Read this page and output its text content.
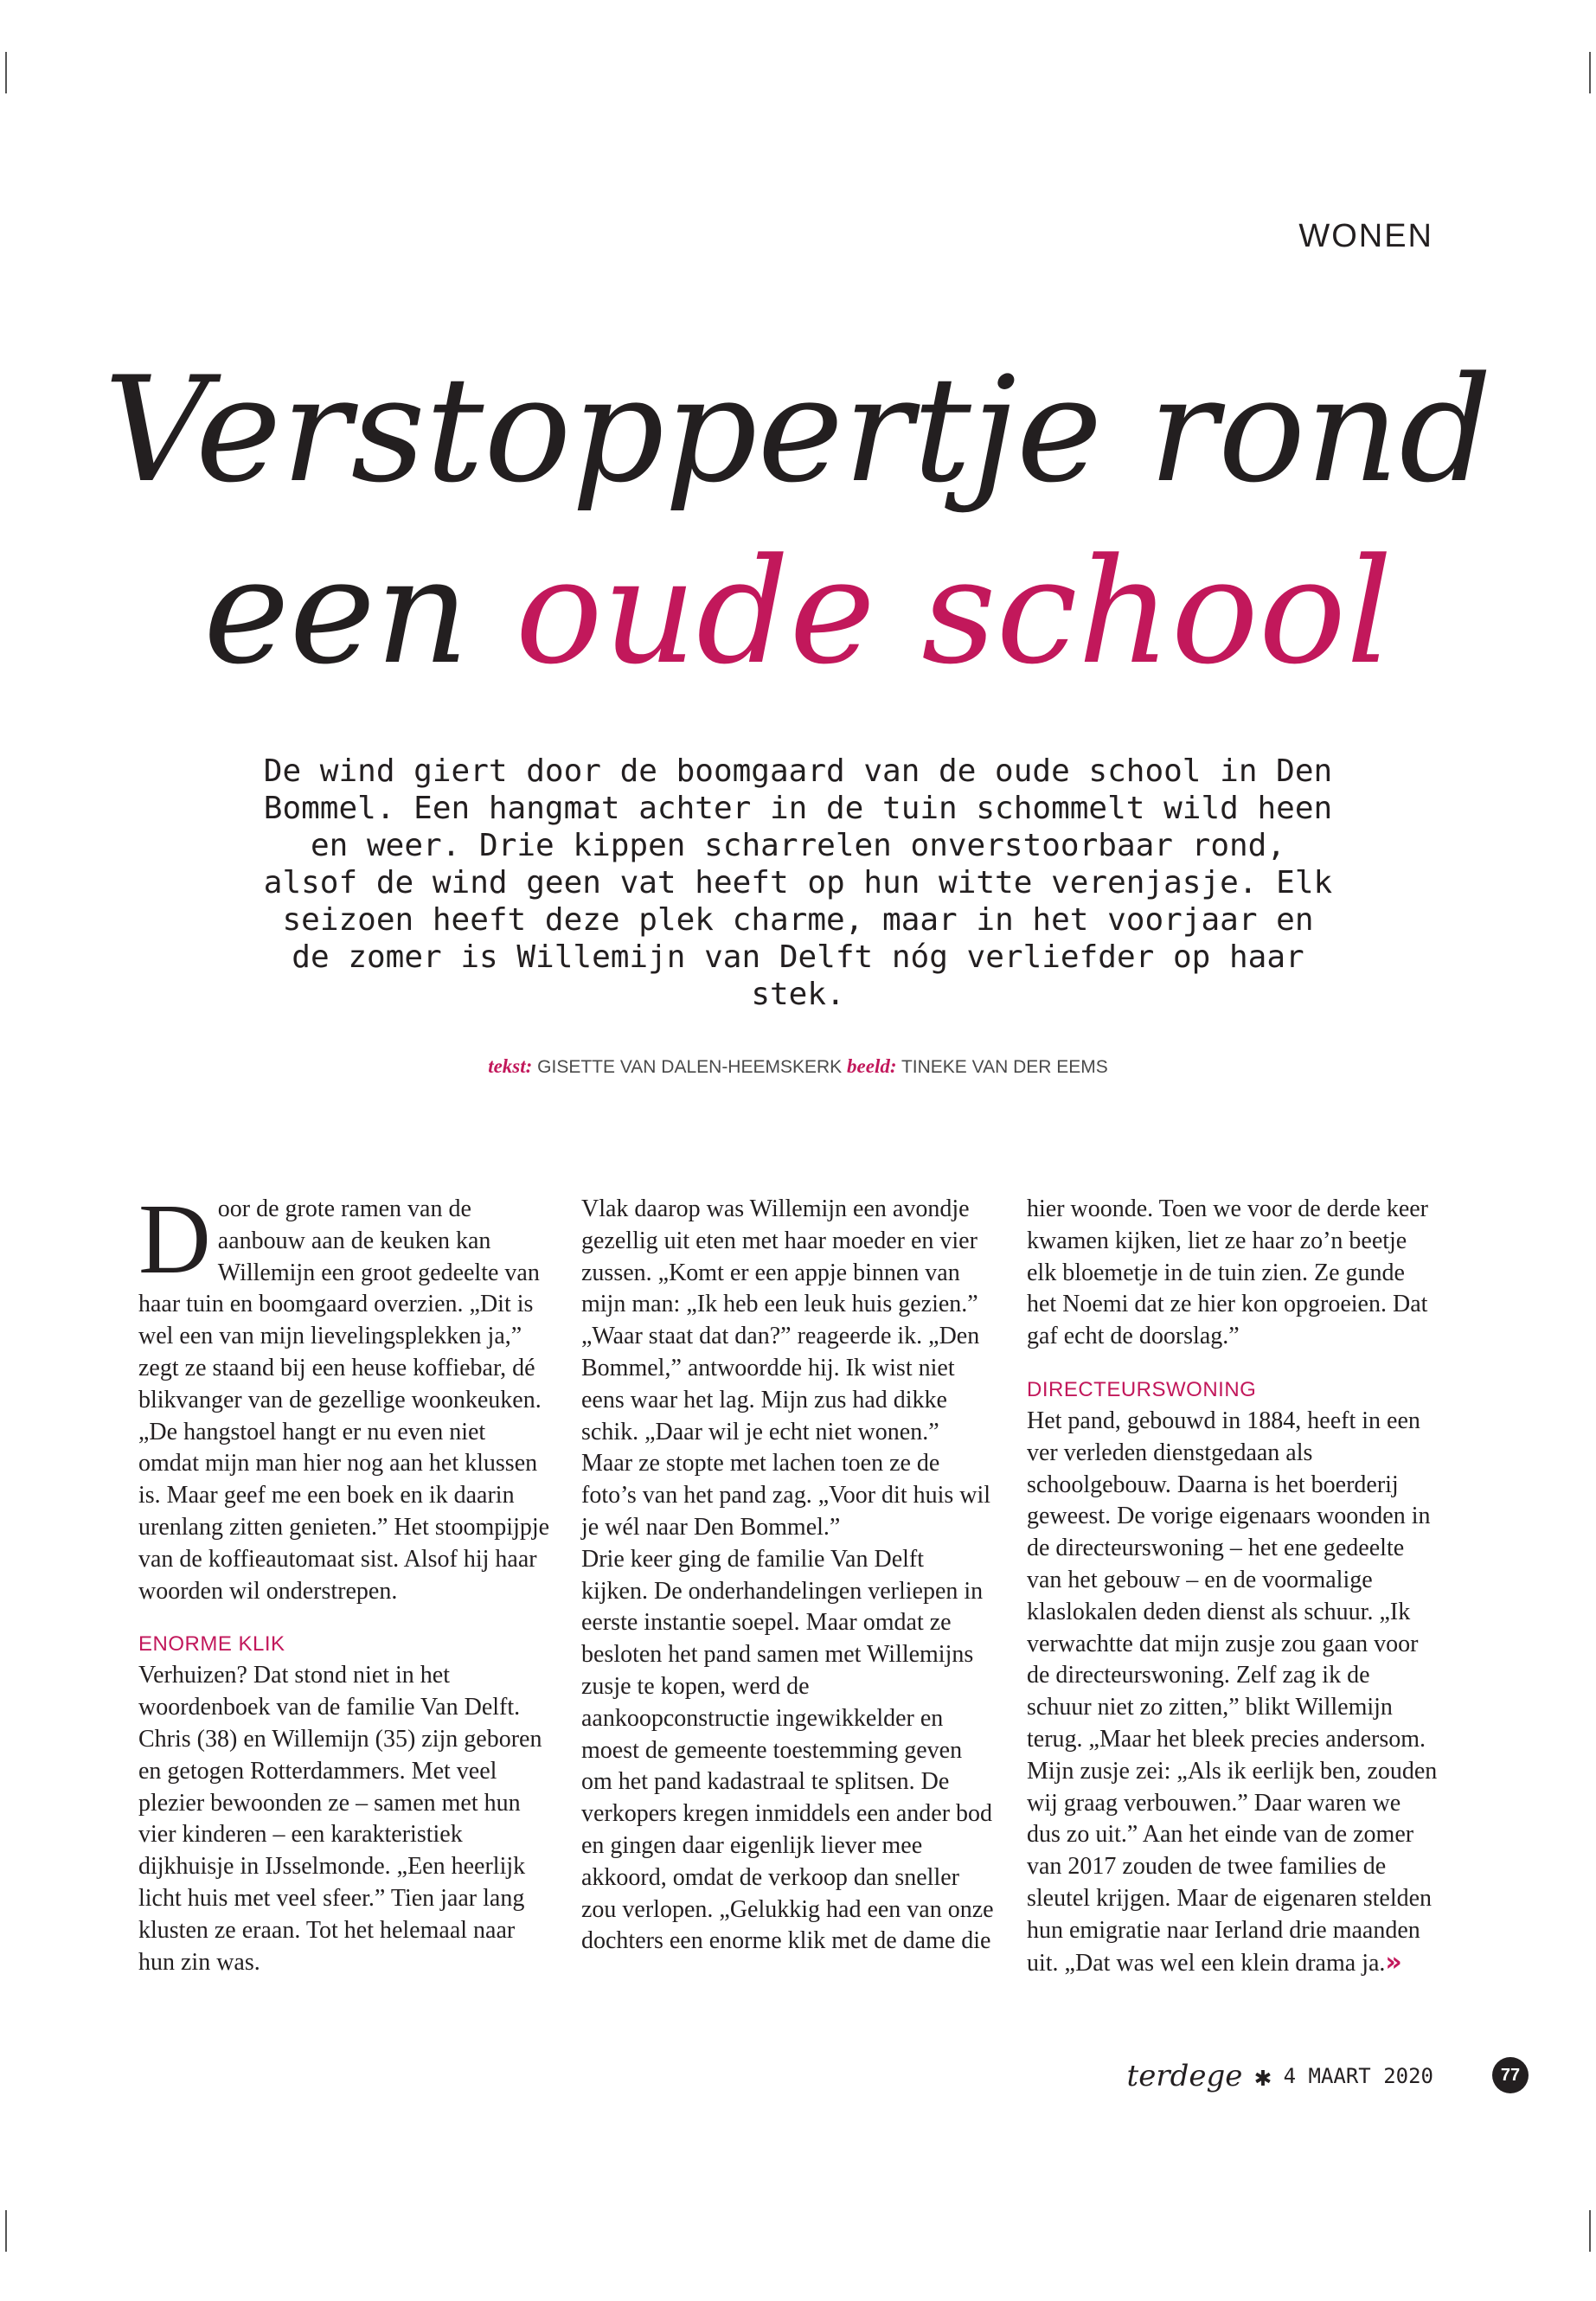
WONEN
Verstoppertje rond
een oude school

De wind giert door de boomgaard van de oude school in Den Bommel. Een hangmat achter in de tuin schommelt wild heen en weer. Drie kippen scharrelen onverstoorbaar rond, alsof de wind geen vat heeft op hun witte verenjasje. Elk seizoen heeft deze plek charme, maar in het voorjaar en de zomer is Willemijn van Delft nóg verliefder op haar stek.

tekst: GISETTE VAN DALEN-HEEMSKERK beeld: TINEKE VAN DER EEMS

Door de grote ramen van de aanbouw aan de keuken kan Willemijn een groot gedeelte van haar tuin en boomgaard overzien. „Dit is wel een van mijn lievelingsplekken ja,” zegt ze staand bij een heuse koffiebar, dé blikvanger van de gezellige woonkeuken. „De hangstoel hangt er nu even niet omdat mijn man hier nog aan het klussen is. Maar geef me een boek en ik daarin urenlang zitten genieten.” Het stoompijpje van de koffieautomaat sist. Alsof hij haar woorden wil onderstrepen.

ENORME KLIK

Verhuizen? Dat stond niet in het woordenboek van de familie Van Delft. Chris (38) en Willemijn (35) zijn geboren en getogen Rotterdammers. Met veel plezier bewoonden ze – samen met hun vier kinderen – een karakteristiek dijkhuisje in IJsselmonde. „Een heerlijk licht huis met veel sfeer.” Tien jaar lang klusten ze eraan. Tot het helemaal naar hun zin was.

Vlak daarop was Willemijn een avondje gezellig uit eten met haar moeder en vier zussen. „Komt er een appje binnen van mijn man: „Ik heb een leuk huis gezien.” „Waar staat dat dan?” reageerde ik. „Den Bommel,” antwoordde hij. Ik wist niet eens waar het lag. Mijn zus had dikke schik. „Daar wil je echt niet wonen.” Maar ze stopte met lachen toen ze de foto’s van het pand zag. „Voor dit huis wil je wél naar Den Bommel.”

Drie keer ging de familie Van Delft kijken. De onderhandelingen verliepen in eerste instantie soepel. Maar omdat ze besloten het pand samen met Willemijns zusje te kopen, werd de aankoopconstructie ingewikkelder en moest de gemeente toestemming geven om het pand kadastraal te splitsen. De verkopers kregen inmiddels een ander bod en gingen daar eigenlijk liever mee akkoord, omdat de verkoop dan sneller zou verlopen. „Gelukkig had een van onze dochters een enorme klik met de dame die

hier woonde. Toen we voor de derde keer kwamen kijken, liet ze haar zo’n beetje elk bloemetje in de tuin zien. Ze gunde het Noemi dat ze hier kon opgroeien. Dat gaf echt de doorslag.”

DIRECTEURSWONING

Het pand, gebouwd in 1884, heeft in een ver verleden dienstgedaan als schoolgebouw. Daarna is het boerderij geweest. De vorige eigenaars woonden in de directeurswoning – het ene gedeelte van het gebouw – en de voormalige klaslokalen deden dienst als schuur. „Ik verwachtte dat mijn zusje zou gaan voor de directeurswoning. Zelf zag ik de schuur niet zo zitten,” blikt Willemijn terug. „Maar het bleek precies andersom. Mijn zusje zei: „Als ik eerlijk ben, zouden wij graag verbouwen.” Daar waren we dus zo uit.” Aan het einde van de zomer van 2017 zouden de twee families de sleutel krijgen. Maar de eigenaren stelden hun emigratie naar Ierland drie maanden uit. „Dat was wel een klein drama ja.»

terdege ✱ 4 MAART 2020	77
